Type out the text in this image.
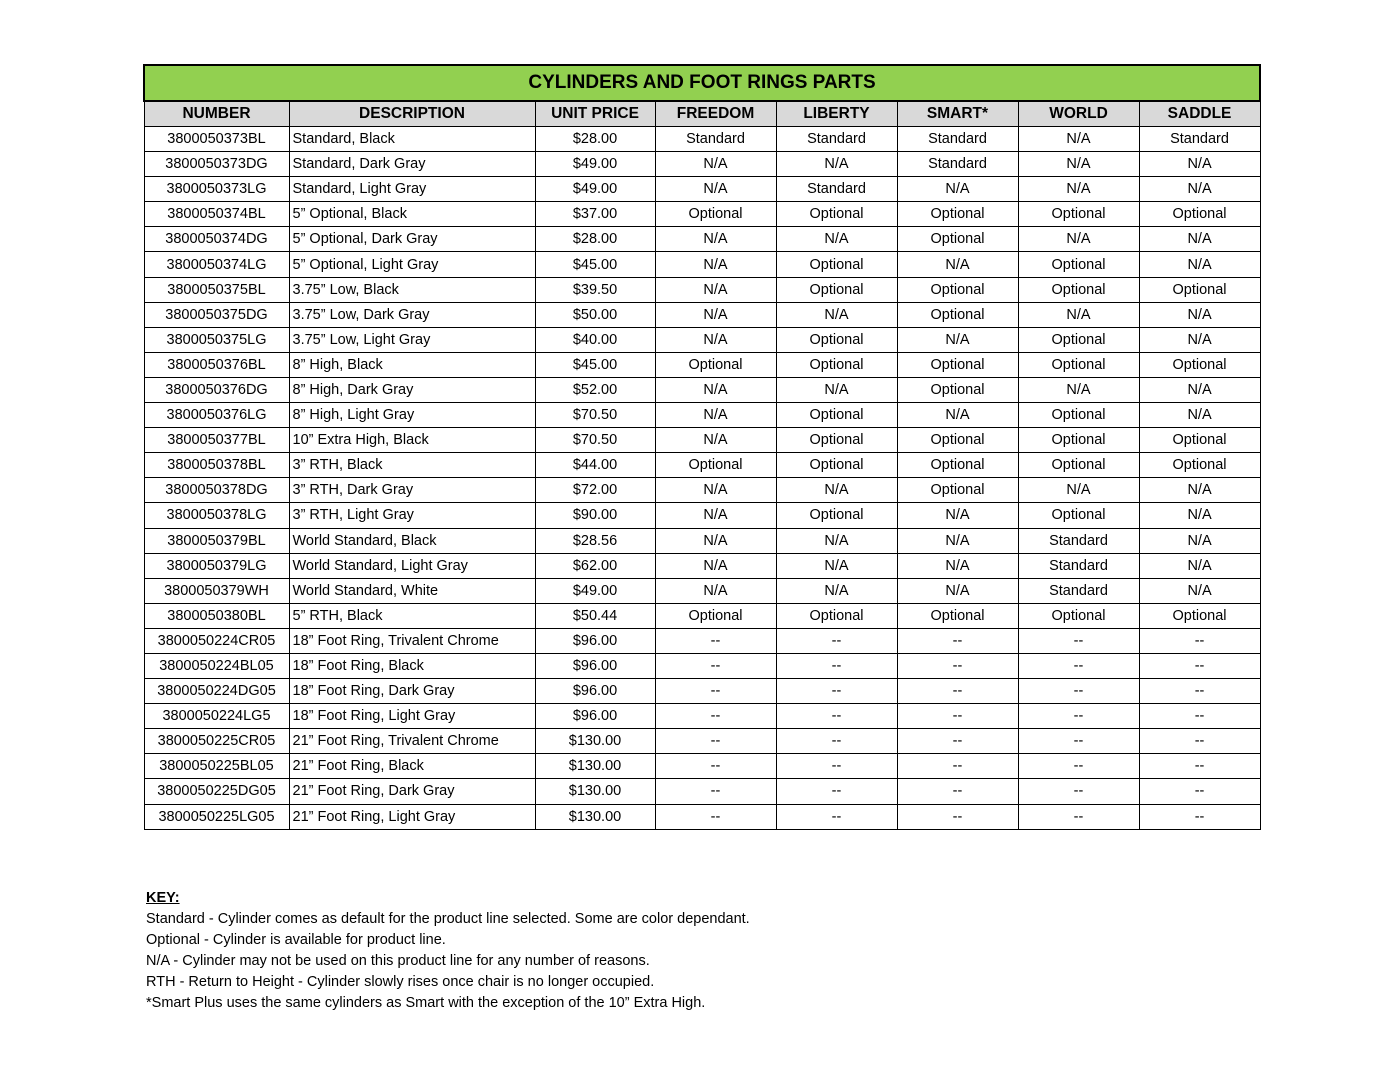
CYLINDERS AND FOOT RINGS PARTS							
NUMBER	DESCRIPTION	UNIT PRICE	FREEDOM	LIBERTY	SMART*	WORLD	SADDLE
3800050373BL	Standard, Black	$28.00	Standard	Standard	Standard	N/A	Standard
3800050373DG	Standard, Dark Gray	$49.00	N/A	N/A	Standard	N/A	N/A
3800050373LG	Standard, Light Gray	$49.00	N/A	Standard	N/A	N/A	N/A
3800050374BL	5” Optional, Black	$37.00	Optional	Optional	Optional	Optional	Optional
3800050374DG	5” Optional, Dark Gray	$28.00	N/A	N/A	Optional	N/A	N/A
3800050374LG	5” Optional, Light Gray	$45.00	N/A	Optional	N/A	Optional	N/A
3800050375BL	3.75” Low, Black	$39.50	N/A	Optional	Optional	Optional	Optional
3800050375DG	3.75” Low, Dark Gray	$50.00	N/A	N/A	Optional	N/A	N/A
3800050375LG	3.75” Low, Light Gray	$40.00	N/A	Optional	N/A	Optional	N/A
3800050376BL	8” High, Black	$45.00	Optional	Optional	Optional	Optional	Optional
3800050376DG	8” High, Dark Gray	$52.00	N/A	N/A	Optional	N/A	N/A
3800050376LG	8” High, Light Gray	$70.50	N/A	Optional	N/A	Optional	N/A
3800050377BL	10” Extra High, Black	$70.50	N/A	Optional	Optional	Optional	Optional
3800050378BL	3” RTH, Black	$44.00	Optional	Optional	Optional	Optional	Optional
3800050378DG	3” RTH, Dark Gray	$72.00	N/A	N/A	Optional	N/A	N/A
3800050378LG	3” RTH, Light Gray	$90.00	N/A	Optional	N/A	Optional	N/A
3800050379BL	World Standard, Black	$28.56	N/A	N/A	N/A	Standard	N/A
3800050379LG	World Standard, Light Gray	$62.00	N/A	N/A	N/A	Standard	N/A
3800050379WH	World Standard, White	$49.00	N/A	N/A	N/A	Standard	N/A
3800050380BL	5” RTH, Black	$50.44	Optional	Optional	Optional	Optional	Optional
3800050224CR05	18” Foot Ring, Trivalent Chrome	$96.00	--	--	--	--	--
3800050224BL05	18” Foot Ring, Black	$96.00	--	--	--	--	--
3800050224DG05	18” Foot Ring, Dark Gray	$96.00	--	--	--	--	--
3800050224LG5	18” Foot Ring, Light Gray	$96.00	--	--	--	--	--
3800050225CR05	21” Foot Ring, Trivalent Chrome	$130.00	--	--	--	--	--
3800050225BL05	21” Foot Ring, Black	$130.00	--	--	--	--	--
3800050225DG05	21” Foot Ring, Dark Gray	$130.00	--	--	--	--	--
3800050225LG05	21” Foot Ring, Light Gray	$130.00	--	--	--	--	--
KEY:
Standard - Cylinder comes as default for the product line selected. Some are color dependant.
Optional - Cylinder is available for product line.
N/A - Cylinder may not be used on this product line for any number of reasons.
RTH - Return to Height - Cylinder slowly rises once chair is no longer occupied.
*Smart Plus uses the same cylinders as Smart with the exception of the 10” Extra High.
